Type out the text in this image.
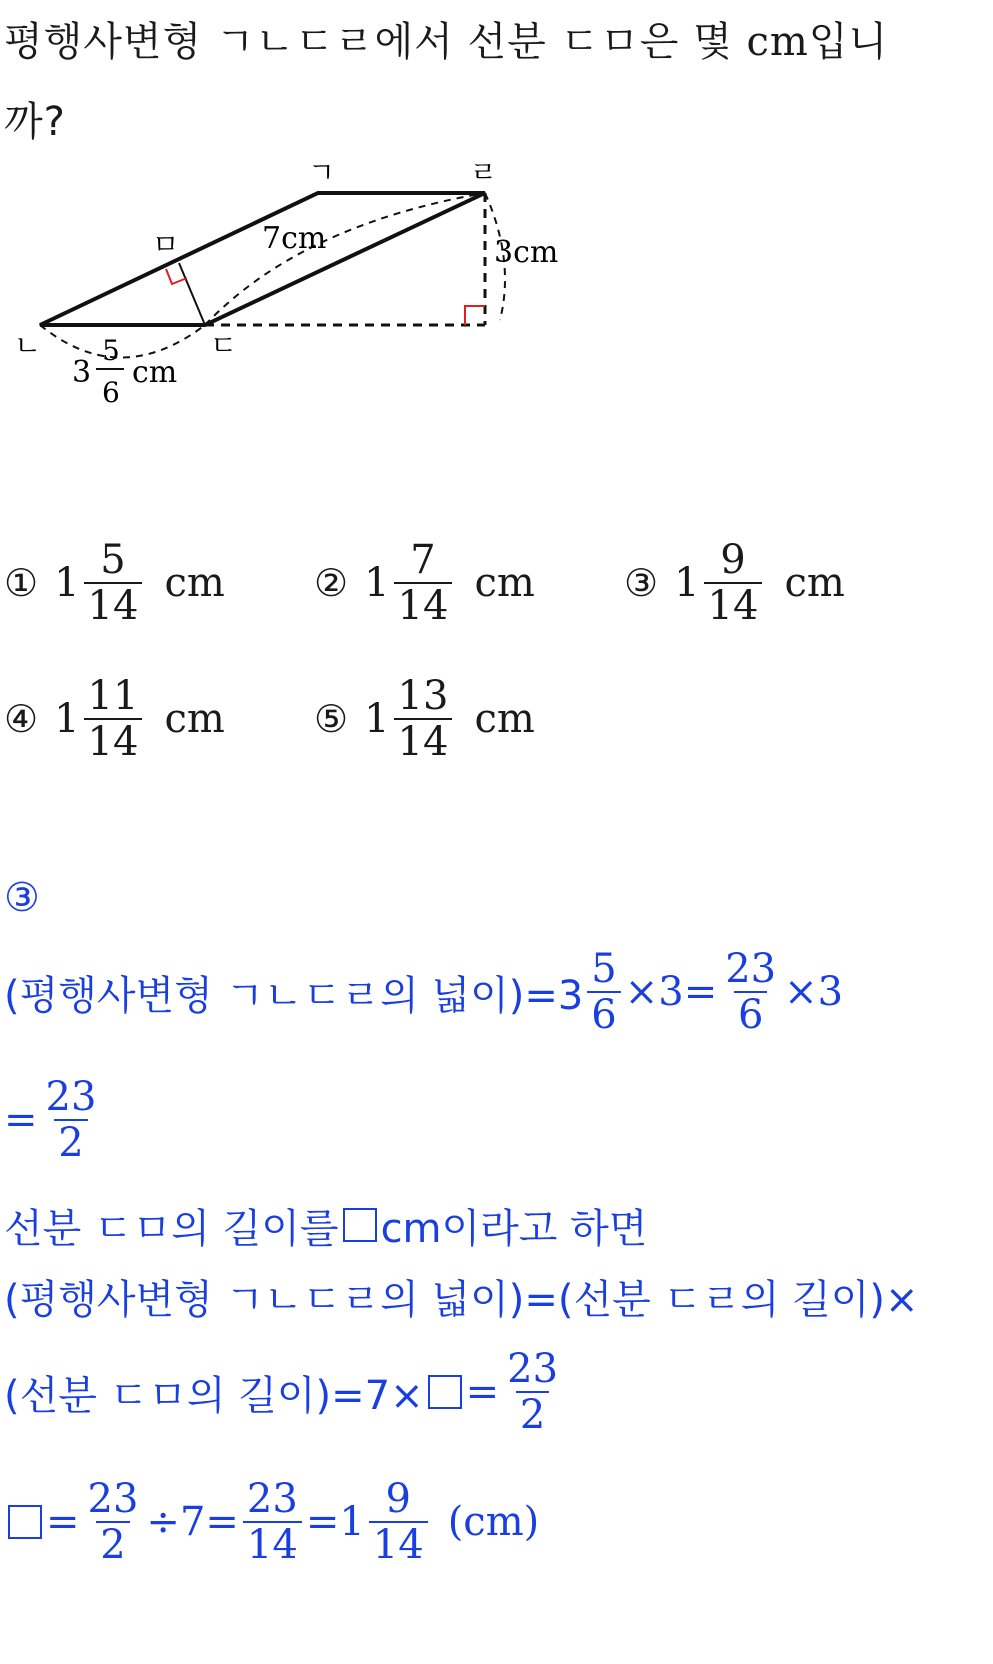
평행사변형 ㄱㄴㄷㄹ에서 선분 ㄷㅁ은 몇 cm입니
까?
ㄱ	ㄹ
ㅁ
ㄴ	ㄷ
7cm	3cm
3
5
6
cm
① $1 \frac{5}{14}$ cm ② $1 \frac{7}{14}$ cm ③ $1 \frac{9}{14}$ cm
④ $1 \frac{11}{14}$ cm ⑤ $1 \frac{13}{14}$ cm
③
(평행사변형 ㄱㄴㄷㄹ의 넓이)$=3 \frac{5}{6} \times 3= \frac{23}{6} \times 3$
= $\frac{23}{2}$
선분 ㄷㅁ의 길이를 cm이라고 하면
(평행사변형 ㄱㄴㄷㄹ의 넓이)=(선분 ㄷㄹ의 길이)×
(선분 ㄷㅁ의 길이)$=7\times = \frac{23}{2}$
= $\frac{23}{2} \div 7= \frac{23}{14} =1 \frac{9}{14} (cm)$
